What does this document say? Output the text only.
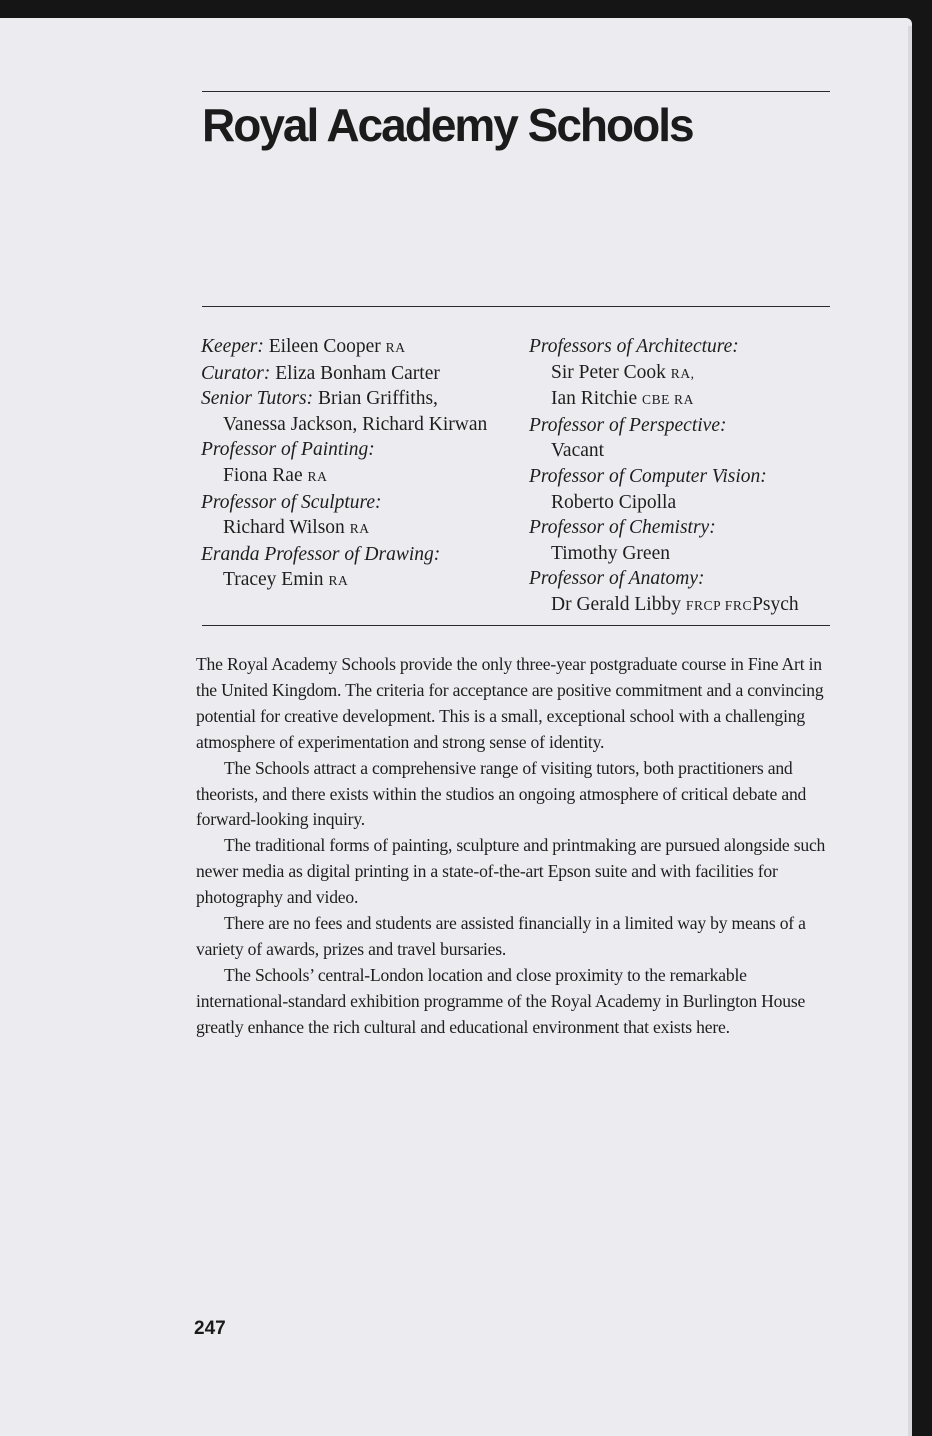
Royal Academy Schools

Keeper: Eileen Cooper RA

Curator: Eliza Bonham Carter

Senior Tutors: Brian Griffiths,
Vanessa Jackson, Richard Kirwan

Professor of Painting:
Fiona Rae RA

Professor of Sculpture:
Richard Wilson RA

Eranda Professor of Drawing:
Tracey Emin RA

Professors of Architecture:
Sir Peter Cook RA,
Ian Ritchie CBE RA

Professor of Perspective:
Vacant

Professor of Computer Vision:
Roberto Cipolla

Professor of Chemistry:
Timothy Green

Professor of Anatomy:
Dr Gerald Libby FRCP FRCPsych

The Royal Academy Schools provide the only three-year postgraduate course in Fine Art in the United Kingdom. The criteria for acceptance are positive commitment and a convincing potential for creative development. This is a small, exceptional school with a challenging atmosphere of experimentation and strong sense of identity.

The Schools attract a comprehensive range of visiting tutors, both practitioners and theorists, and there exists within the studios an ongoing atmosphere of critical debate and forward-looking inquiry.

The traditional forms of painting, sculpture and printmaking are pursued alongside such newer media as digital printing in a state-of-the-art Epson suite and with facilities for photography and video.

There are no fees and students are assisted financially in a limited way by means of a variety of awards, prizes and travel bursaries.

The Schools’ central-London location and close proximity to the remarkable international-standard exhibition programme of the Royal Academy in Burlington House greatly enhance the rich cultural and educational environment that exists here.

247
